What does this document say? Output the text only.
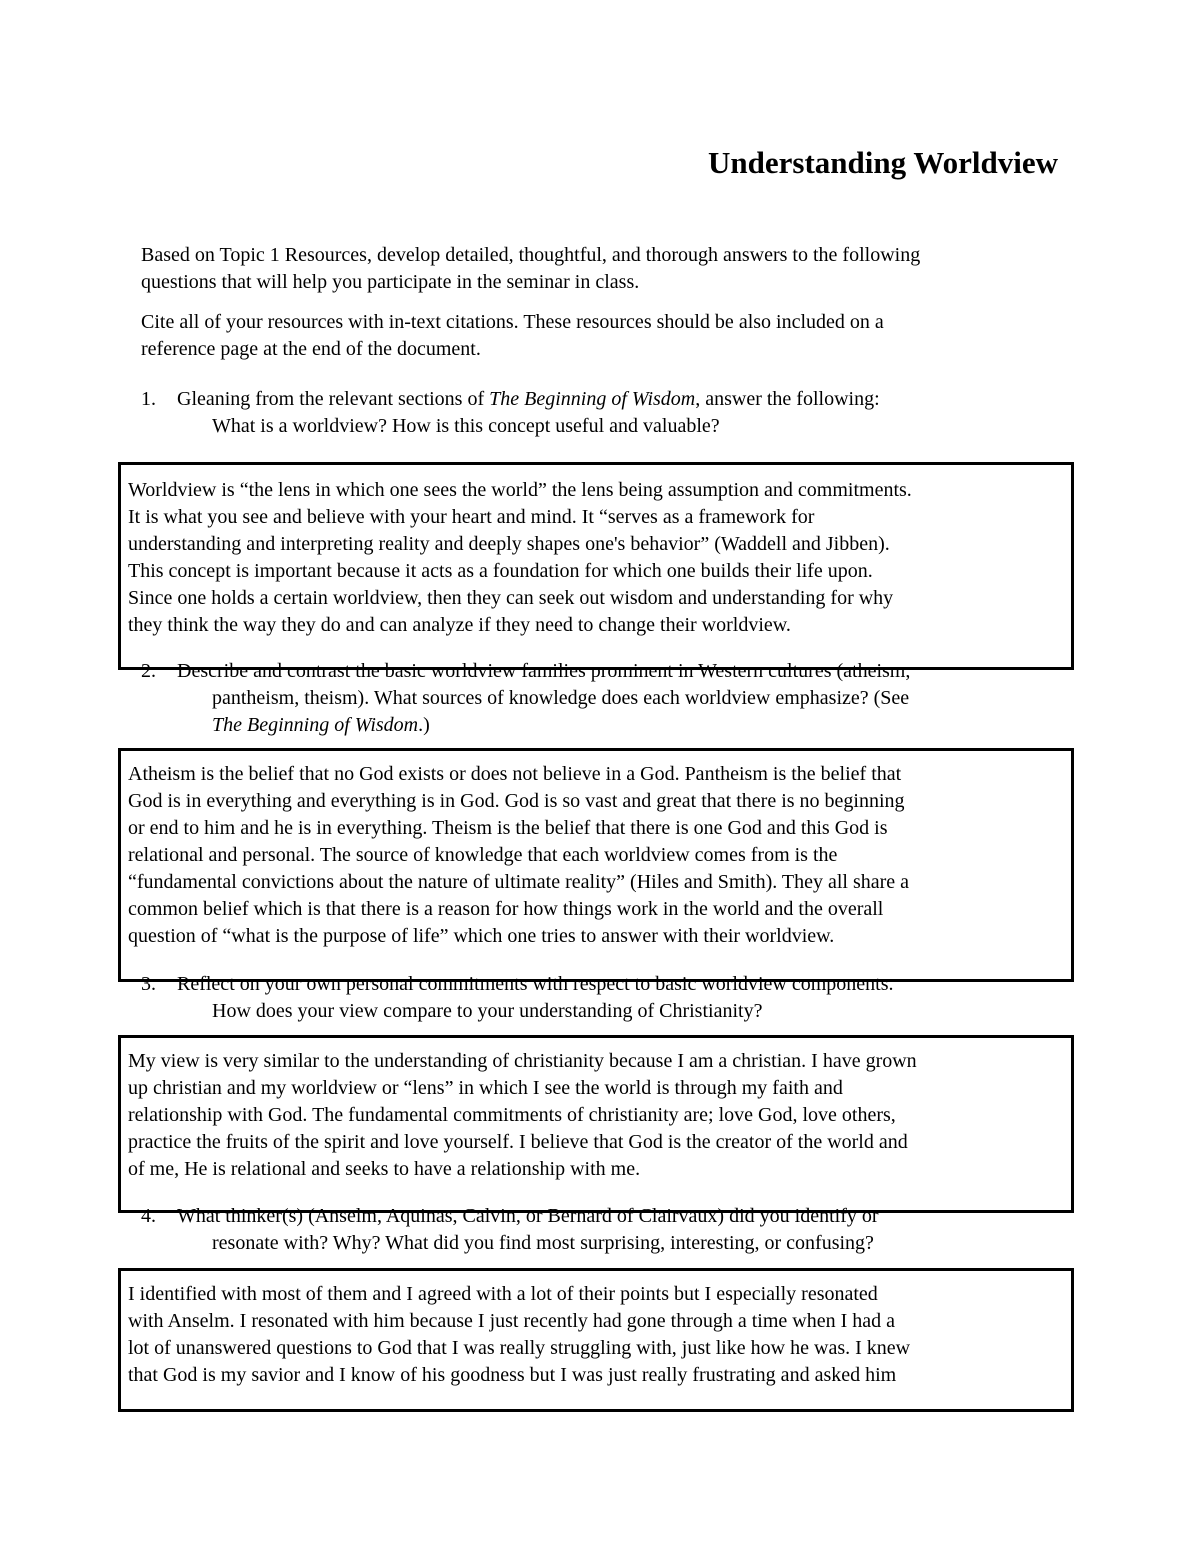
Understanding Worldview

Based on Topic 1 Resources, develop detailed, thoughtful, and thorough answers to the following
questions that will help you participate in the seminar in class.

Cite all of your resources with in-text citations. These resources should be also included on a
reference page at the end of the document.

1.	Gleaning from the relevant sections of The Beginning of Wisdom, answer the following:
What is a worldview? How is this concept useful and valuable?

Worldview is “the lens in which one sees the world” the lens being assumption and commitments.

It is what you see and believe with your heart and mind. It “serves as a framework for

understanding and interpreting reality and deeply shapes one's behavior” (Waddell and Jibben).

This concept is important because it acts as a foundation for which one builds their life upon.

Since one holds a certain worldview, then they can seek out wisdom and understanding for why

they think the way they do and can analyze if they need to change their worldview.

2.	Describe and contrast the basic worldview families prominent in Western cultures (atheism,
pantheism, theism). What sources of knowledge does each worldview emphasize? (See
The Beginning of Wisdom.)

Atheism is the belief that no God exists or does not believe in a God. Pantheism is the belief that

God is in everything and everything is in God. God is so vast and great that there is no beginning

or end to him and he is in everything. Theism is the belief that there is one God and this God is

relational and personal. The source of knowledge that each worldview comes from is the

“fundamental convictions about the nature of ultimate reality” (Hiles and Smith). They all share a

common belief which is that there is a reason for how things work in the world and the overall

question of “what is the purpose of life” which one tries to answer with their worldview.

3.	Reflect on your own personal commitments with respect to basic worldview components.
How does your view compare to your understanding of Christianity?

My view is very similar to the understanding of christianity because I am a christian. I have grown

up christian and my worldview or “lens” in which I see the world is through my faith and

relationship with God. The fundamental commitments of christianity are; love God, love others,

practice the fruits of the spirit and love yourself. I believe that God is the creator of the world and

of me, He is relational and seeks to have a relationship with me.

4.	What thinker(s) (Anselm, Aquinas, Calvin, or Bernard of Clairvaux) did you identify or
resonate with? Why? What did you find most surprising, interesting, or confusing?

I identified with most of them and I agreed with a lot of their points but I especially resonated

with Anselm. I resonated with him because I just recently had gone through a time when I had a

lot of unanswered questions to God that I was really struggling with, just like how he was. I knew

that God is my savior and I know of his goodness but I was just really frustrating and asked him
